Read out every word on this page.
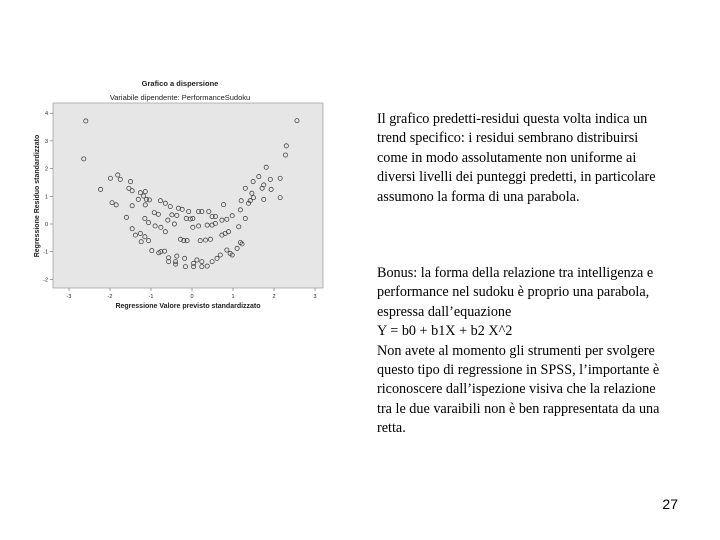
Grafico a dispersione
Variabile dipendente: PerformanceSudoku
-3	-2	-1	0	1	2	3
-2
-1
0
1
2
3
4
Regressione Valore previsto standardizzato
Regressione Residuo standardizzato
Il grafico predetti-residui questa volta indica un trend specifico: i residui sembrano distribuirsi come in modo assolutamente non uniforme ai diversi livelli dei punteggi predetti, in particolare assumono la forma di una parabola.
Bonus: la forma della relazione tra intelligenza e performance nel sudoku è proprio una parabola, espressa dall’equazione
Y = b0 + b1X + b2 X^2
Non avete al momento gli strumenti per svolgere questo tipo di regressione in SPSS, l’importante è riconoscere dall’ispezione visiva che la relazione tra le due varaibili non è ben rappresentata da una retta.
27
